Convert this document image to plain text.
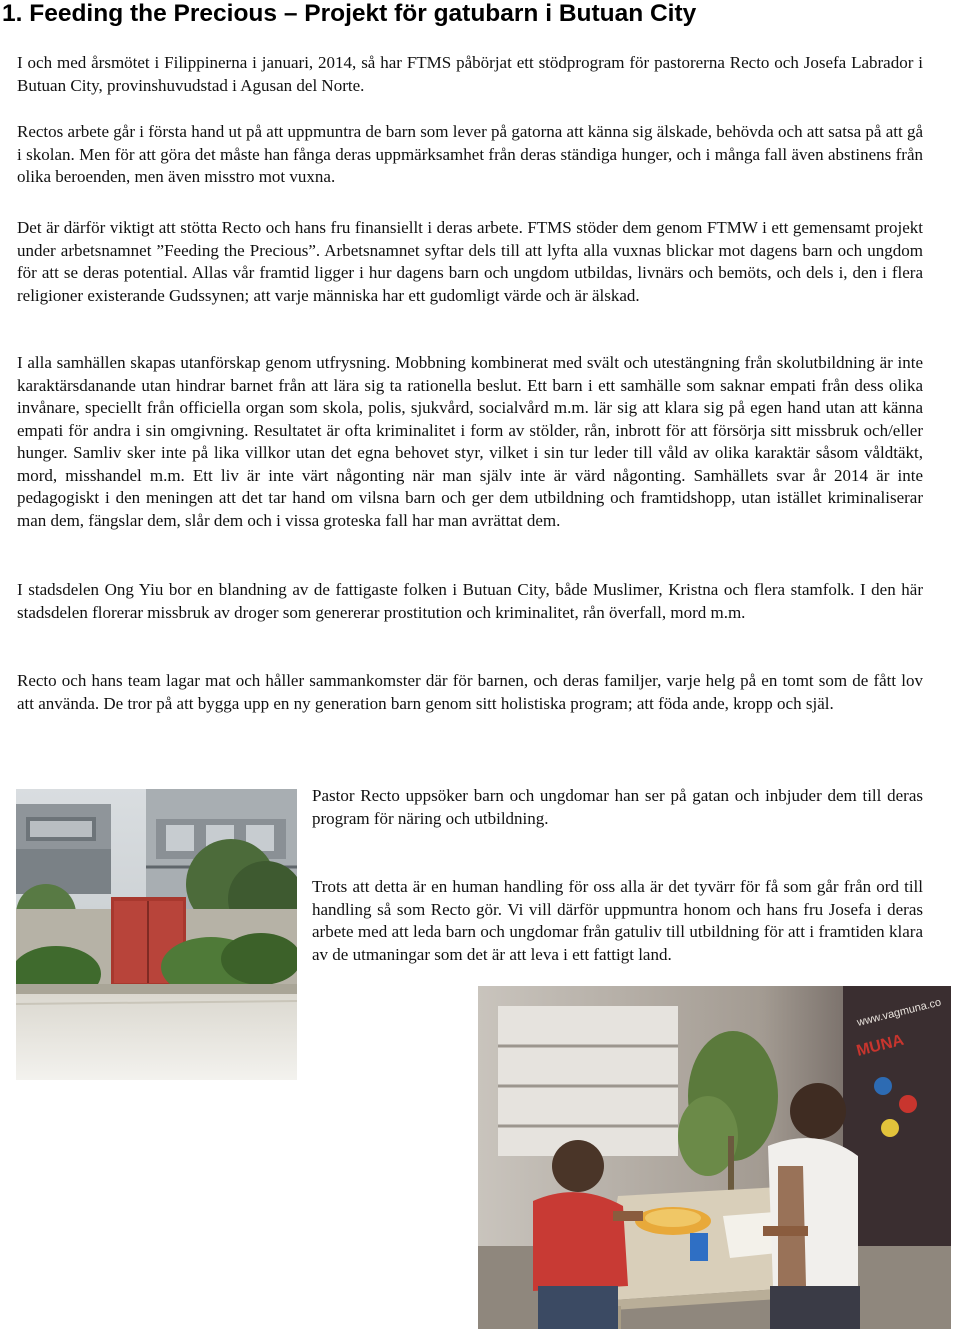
1. Feeding the Precious – Projekt för gatubarn i Butuan City

I och med årsmötet i Filippinerna i januari, 2014, så har FTMS påbörjat ett stödprogram för pastorerna Recto och Josefa Labrador i Butuan City, provinshuvudstad i Agusan del Norte.

Rectos arbete går i första hand ut på att uppmuntra de barn som lever på gatorna att känna sig älskade, behövda och att satsa på att gå i skolan. Men för att göra det måste han fånga deras uppmärksamhet från deras ständiga hunger, och i många fall även abstinens från olika beroenden, men även misstro mot vuxna.

Det är därför viktigt att stötta Recto och hans fru finansiellt i deras arbete. FTMS stöder dem genom FTMW i ett gemensamt projekt under arbetsnamnet ”Feeding the Precious”. Arbetsnamnet syftar dels till att lyfta alla vuxnas blickar mot dagens barn och ungdom för att se deras potential. Allas vår framtid ligger i hur dagens barn och ungdom utbildas, livnärs och bemöts, och dels i, den i flera religioner existerande Gudssynen; att varje människa har ett gudomligt värde och är älskad.

I alla samhällen skapas utanförskap genom utfrysning. Mobbning kombinerat med svält och utestängning från skolutbildning är inte karaktärsdanande utan hindrar barnet från att lära sig ta rationella beslut. Ett barn i ett samhälle som saknar empati från dess olika invånare, speciellt från officiella organ som skola, polis, sjukvård, socialvård m.m. lär sig att klara sig på egen hand utan att känna empati för andra i sin omgivning. Resultatet är ofta kriminalitet i form av stölder, rån, inbrott för att försörja sitt missbruk och/eller hunger. Samliv sker inte på lika villkor utan det egna behovet styr, vilket i sin tur leder till våld av olika karaktär såsom våldtäkt, mord, misshandel m.m. Ett liv är inte värt någonting när man själv inte är värd någonting. Samhällets svar år 2014 är inte pedagogiskt i den meningen att det tar hand om vilsna barn och ger dem utbildning och framtidshopp, utan istället kriminaliserar man dem, fängslar dem, slår dem och i vissa groteska fall har man avrättat dem.

I stadsdelen Ong Yiu bor en blandning av de fattigaste folken i Butuan City, både Muslimer, Kristna och flera stamfolk. I den här stadsdelen florerar missbruk av droger som genererar prostitution och kriminalitet, rån överfall, mord m.m.

Recto och hans team lagar mat och håller sammankomster där för barnen, och deras familjer, varje helg på en tomt som de fått lov att använda. De tror på att bygga upp en ny generation barn genom sitt holistiska program; att föda ande, kropp och själ.

Pastor Recto uppsöker barn och ungdomar han ser på gatan och inbjuder dem till deras program för näring och utbildning.

Trots att detta är en human handling för oss alla är det tyvärr för få som går från ord till handling så som Recto gör. Vi vill därför uppmuntra honom och hans fru Josefa i deras arbete med att leda barn och ungdomar från gatuliv till utbildning för att i framtiden klara av de utmaningar som det är att leva i ett fattigt land.

www.vagmuna.co
MUNA
